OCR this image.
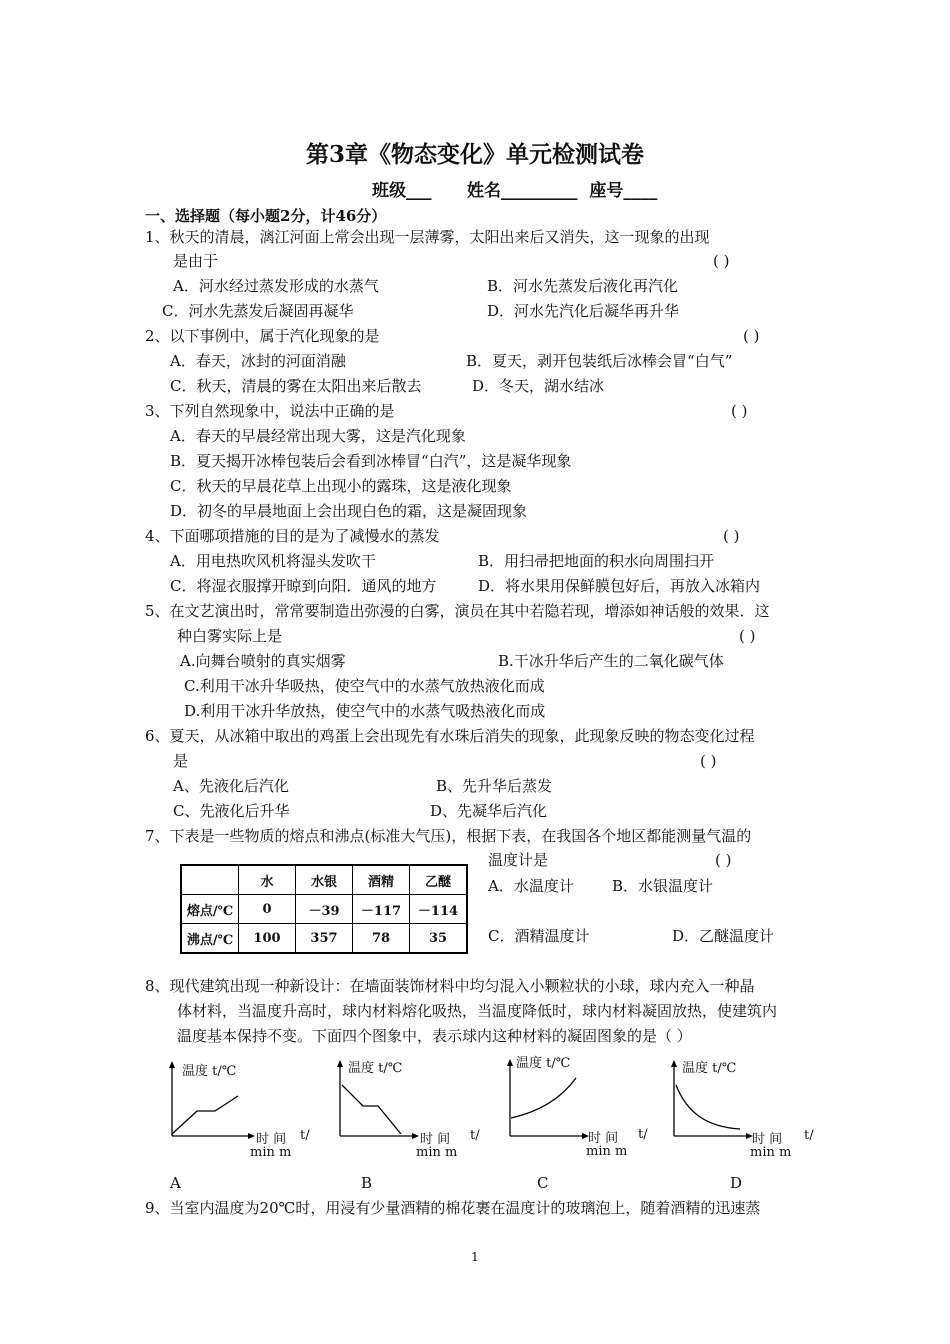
第3章《物态变化》单元检测试卷
班级___ 姓名_________ 座号____
一、选择题（每小题2分，计46分）
1、秋天的清晨，漓江河面上常会出现一层薄雾，太阳出来后又消失，这一现象的出现
是由于	( )
A．河水经过蒸发形成的水蒸气	B．河水先蒸发后液化再汽化
C．河水先蒸发后凝固再凝华	D．河水先汽化后凝华再升华
2、以下事例中，属于汽化现象的是	( )
A．春天，冰封的河面消融	B．夏天，剥开包装纸后冰棒会冒“白气”
C．秋天，清晨的雾在太阳出来后散去	D．冬天，湖水结冰
3、下列自然现象中，说法中正确的是	( )
A．春天的早晨经常出现大雾，这是汽化现象
B．夏天揭开冰棒包装后会看到冰棒冒“白汽”，这是凝华现象
C．秋天的早晨花草上出现小的露珠，这是液化现象
D．初冬的早晨地面上会出现白色的霜，这是凝固现象
4、下面哪项措施的目的是为了减慢水的蒸发	( )
A．用电热吹风机将湿头发吹干	B．用扫帚把地面的积水向周围扫开
C．将湿衣服撑开晾到向阳．通风的地方	D．将水果用保鲜膜包好后，再放入冰箱内
5、在文艺演出时，常常要制造出弥漫的白雾，演员在其中若隐若现，增添如神话般的效果．这
种白雾实际上是	( )
A.向舞台喷射的真实烟雾	B.干冰升华后产生的二氧化碳气体
C.利用干冰升华吸热，使空气中的水蒸气放热液化而成
D.利用干冰升华放热，使空气中的水蒸气吸热液化而成
6、夏天，从冰箱中取出的鸡蛋上会出现先有水珠后消失的现象，此现象反映的物态变化过程
是	( )
A、先液化后汽化	B、先升华后蒸发
C、先液化后升华	D、先凝华后汽化
7、下表是一些物质的熔点和沸点(标准大气压)，根据下表，在我国各个地区都能测量气温的
温度计是	( )
A．水温度计	B．水银温度计
C．酒精温度计	D．乙醚温度计
	水	水银	酒精	乙醚
熔点/℃	0	－39	－117	－114
沸点/℃	100	357	78	35
8、现代建筑出现一种新设计：在墙面装饰材料中均匀混入小颗粒状的小球，球内充入一种晶
体材料，当温度升高时，球内材料熔化吸热，当温度降低时，球内材料凝固放热，使建筑内
温度基本保持不变。下面四个图象中，表示球内这种材料的凝固图象的是（ ）
温度 t/℃
时 间 t/
min m
A
温度 t/℃
时 间 t/
min m
B
温度 t/℃
时 间 t/
min m
C
温度 t/℃
时 间 t/
min m
D
9、当室内温度为20℃时，用浸有少量酒精的棉花裹在温度计的玻璃泡上，随着酒精的迅速蒸
1
